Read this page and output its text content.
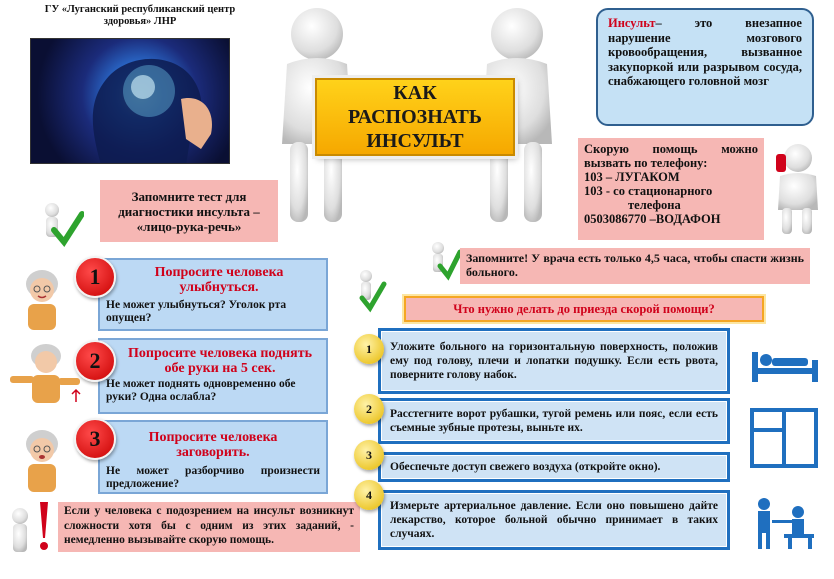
ГУ «Луганский республиканский центр здоровья» ЛНР
КАК РАСПОЗНАТЬ ИНСУЛЬТ
Инсульт– это внезапное нарушение мозгового кровообращения, вызванное закупоркой или разрывом сосуда, снабжающего головной мозг
Скорую помощь можно вызвать по телефону:
103 – ЛУГАКОМ
103 - со стационарного
телефона
0503086770 –ВОДАФОН
Запомните тест для диагностики инсульта – «лицо-рука-речь»
Попросите человека улыбнуться.
Не может улыбнуться? Уголок рта опущен?
1
Попросите человека поднять обе руки на 5 сек.
Не может поднять одновременно обе руки? Одна ослабла?
2
Попросите человека заговорить.
Не может разборчиво произнести предложение?
3
Если у человека с подозрением на инсульт возникнут сложности хотя бы с одним из этих заданий, - немедленно вызывайте скорую помощь.
Запомните! У врача есть только 4,5 часа, чтобы спасти жизнь больного.
Что нужно делать до приезда скорой помощи?
Уложите больного на горизонтальную поверхность, положив ему под голову, плечи и лопатки подушку. Если есть рвота, поверните голову набок.
1
Расстегните ворот рубашки, тугой ремень или пояс, если есть съемные зубные протезы, выньте их.
2
Обеспечьте доступ свежего воздуха (откройте окно).
3
Измерьте артериальное давление. Если оно повышено дайте лекарство, которое больной обычно принимает в таких случаях.
4
